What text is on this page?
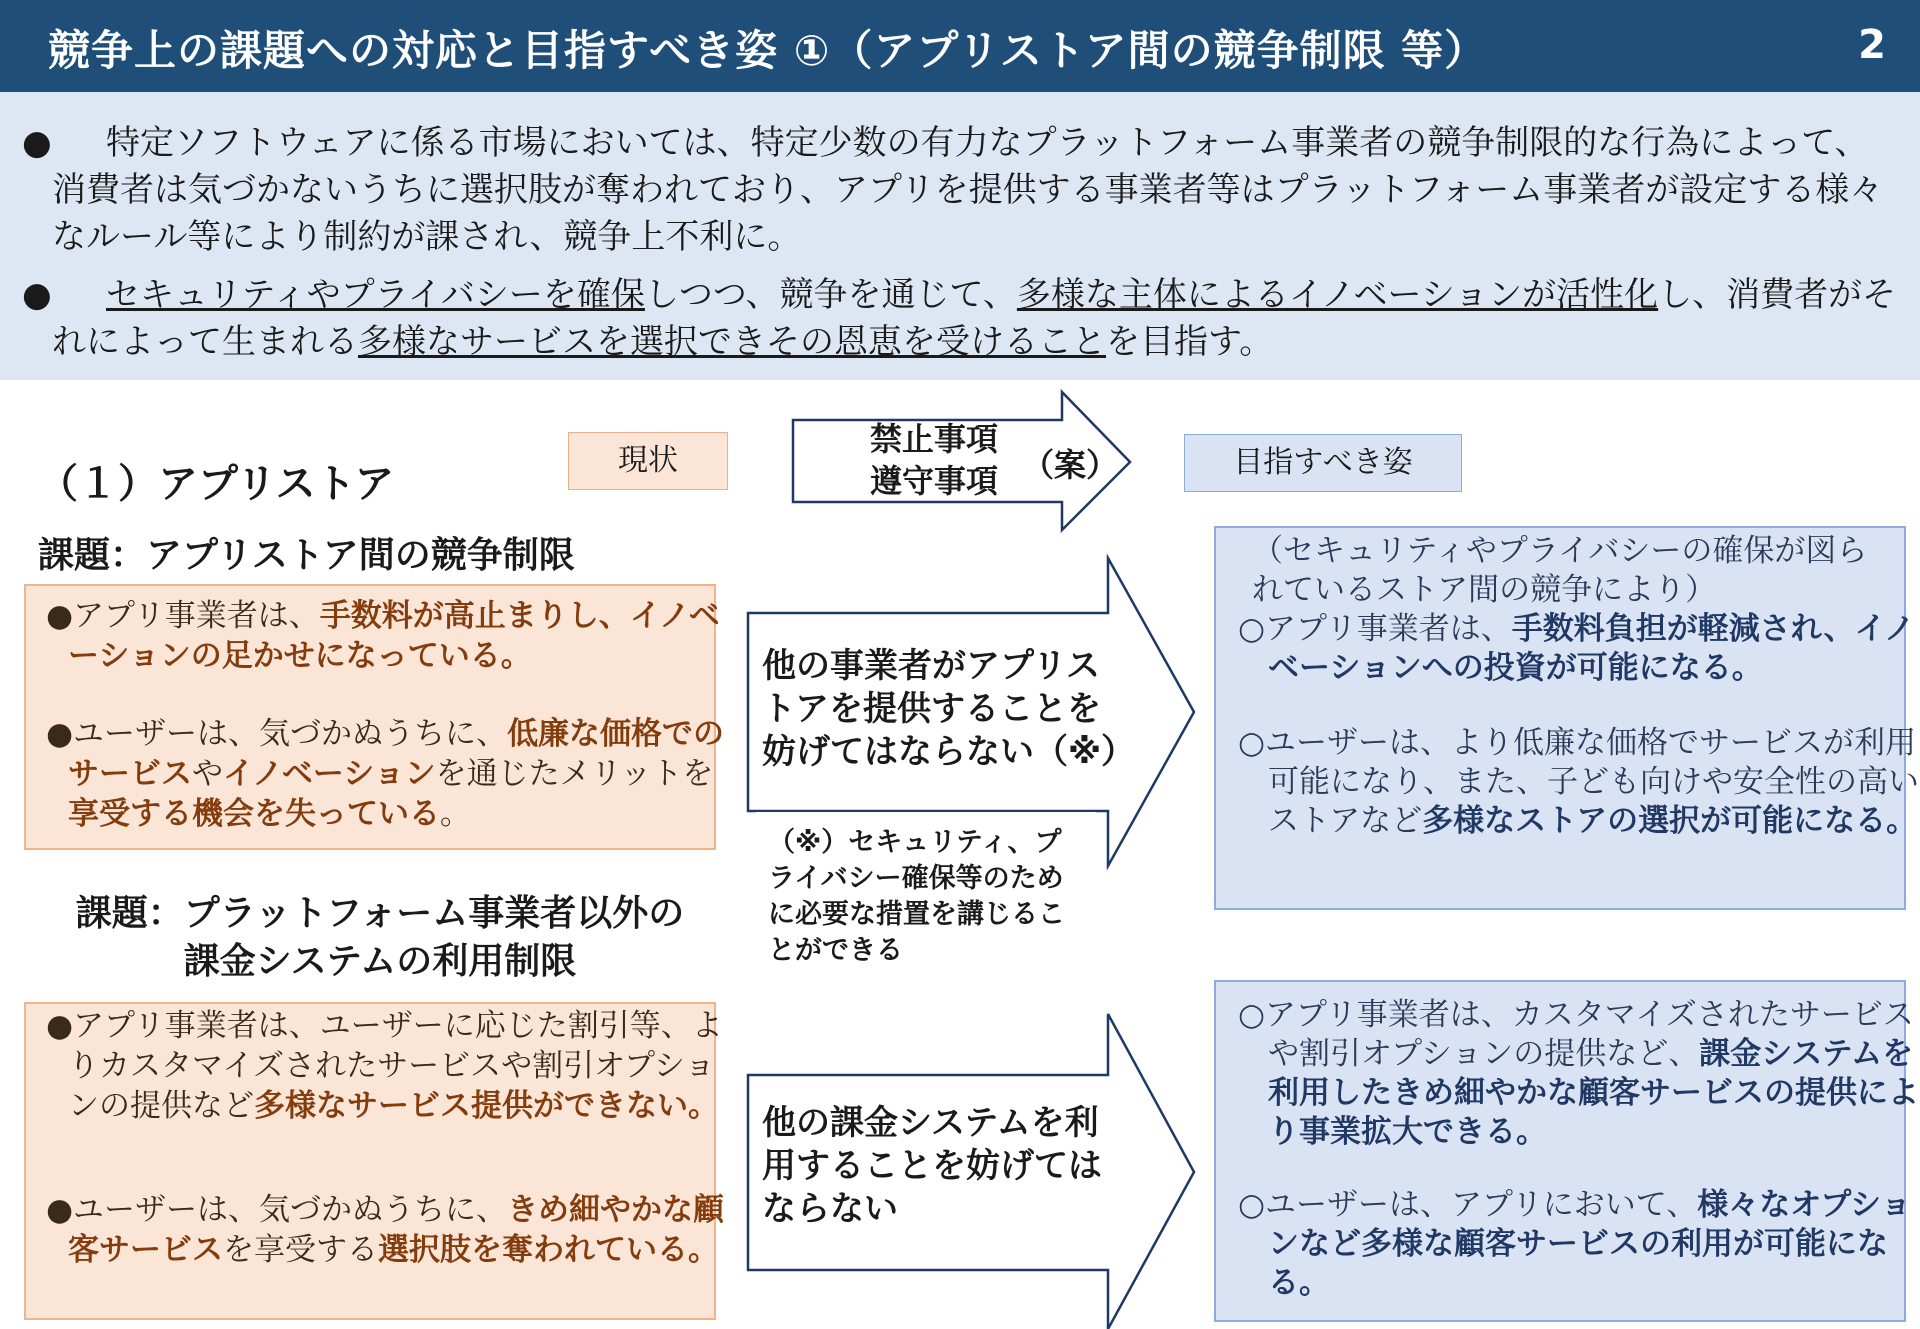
競争上の課題への対応と目指すべき姿 ①（アプリストア間の競争制限 等）	2
●	特定ソフトウェアに係る市場においては、特定少数の有力なプラットフォーム事業者の競争制限的な行為によって、消費者は気づかないうちに選択肢が奪われており、アプリを提供する事業者等はプラットフォーム事業者が設定する様々なルール等により制約が課され、競争上不利に。
●	セキュリティやプライバシーを確保しつつ、競争を通じて、多様な主体によるイノベーションが活性化し、消費者がそれによって生まれる多様なサービスを選択できその恩恵を受けることを目指す。
（１）アプリストア
現状	目指すべき姿
禁止事項
遵守事項 （案）
課題：アプリストア間の競争制限
●アプリ事業者は、手数料が高止まりし、イノベーションの足かせになっている。
●ユーザーは、気づかぬうちに、低廉な価格でのサービスやイノベーションを通じたメリットを享受する機会を失っている。
課題：プラットフォーム事業者以外の
課金システムの利用制限
●アプリ事業者は、ユーザーに応じた割引等、よりカスタマイズされたサービスや割引オプションの提供など多様なサービス提供ができない。
●ユーザーは、気づかぬうちに、きめ細やかな顧客サービスを享受する選択肢を奪われている。
他の事業者がアプリストアを提供することを妨げてはならない（※）
（※）セキュリティ、プライバシー確保等のために必要な措置を講じることができる
他の課金システムを利用することを妨げてはならない
（セキュリティやプライバシーの確保が図られているストア間の競争により）
○アプリ事業者は、手数料負担が軽減され、イノベーションへの投資が可能になる。
○ユーザーは、より低廉な価格でサービスが利用可能になり、また、子ども向けや安全性の高いストアなど多様なストアの選択が可能になる。
○アプリ事業者は、カスタマイズされたサービスや割引オプションの提供など、課金システムを利用したきめ細やかな顧客サービスの提供により事業拡大できる。
○ユーザーは、アプリにおいて、様々なオプションなど多様な顧客サービスの利用が可能になる。
